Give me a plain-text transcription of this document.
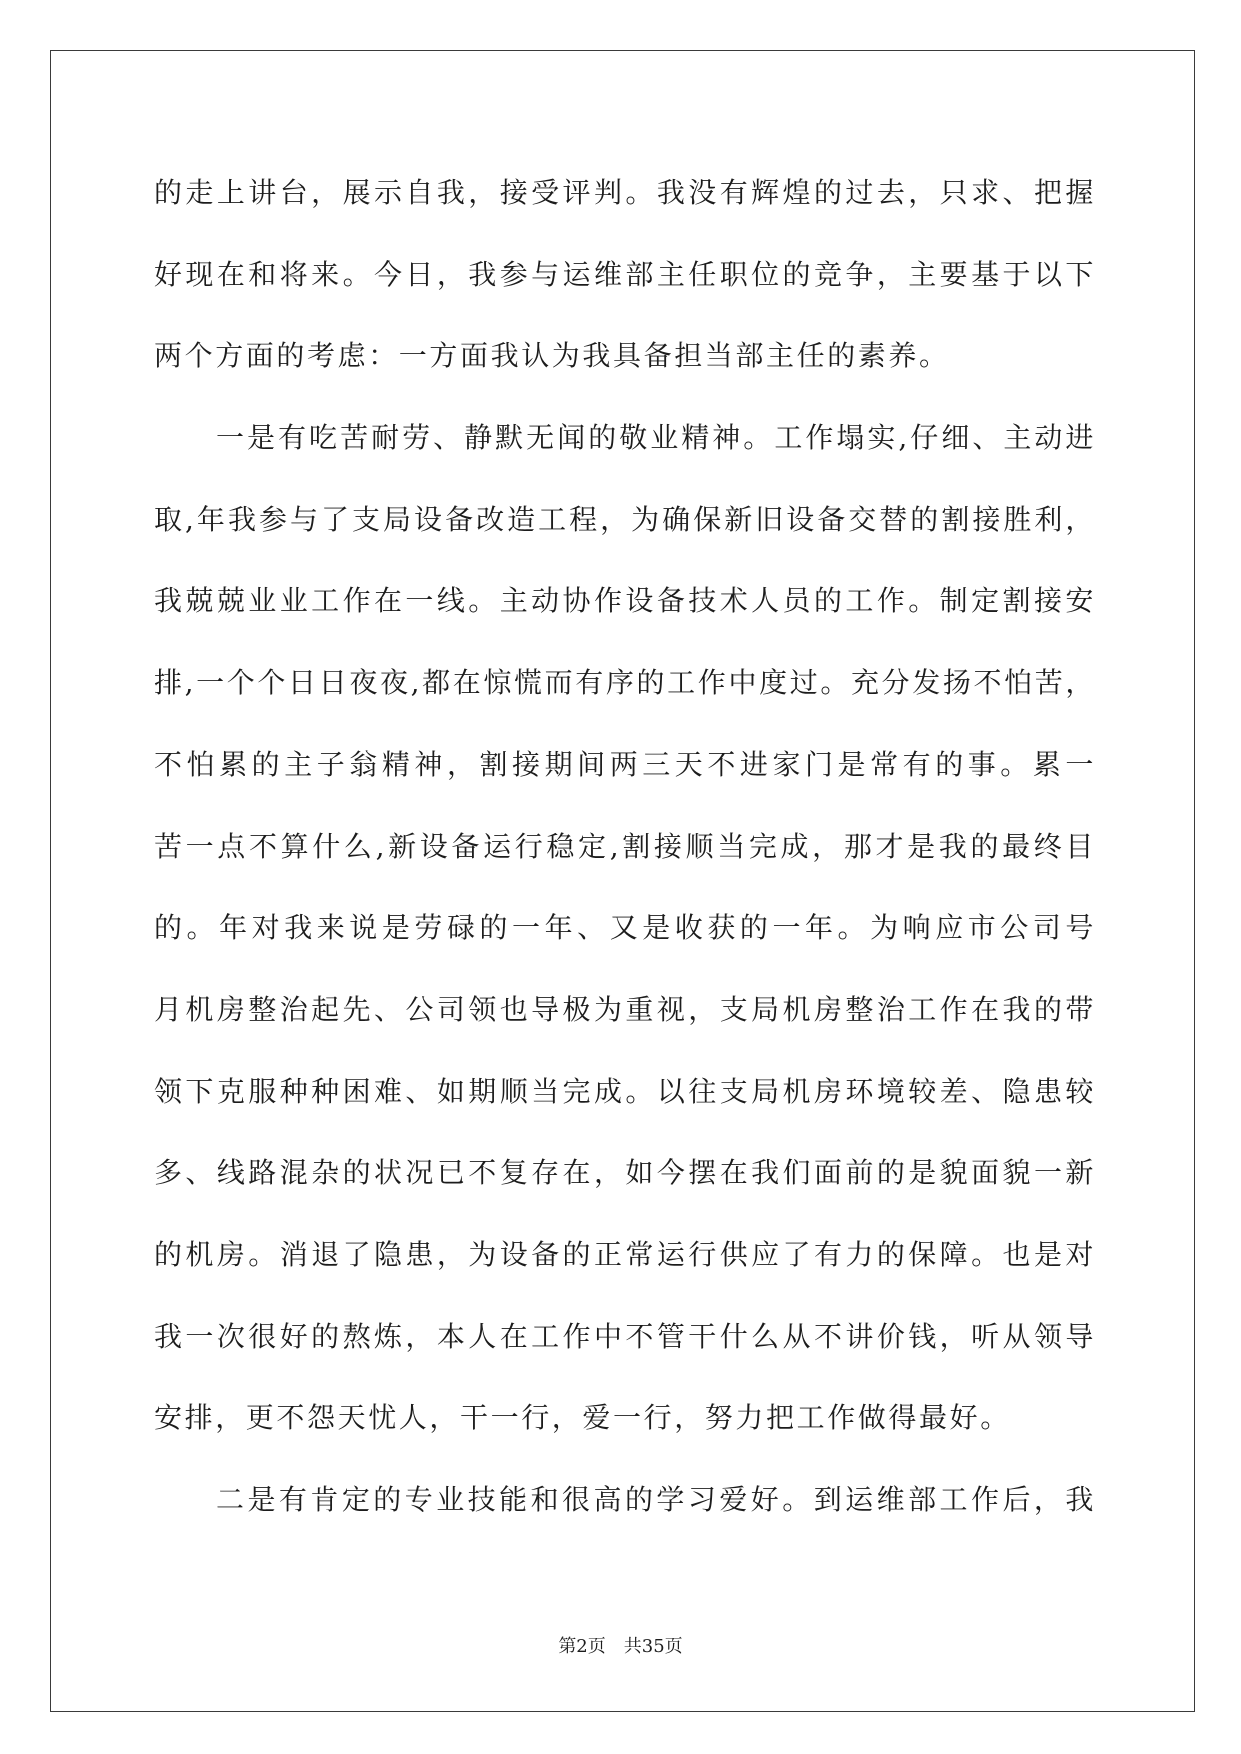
的走上讲台，展示自我，接受评判。我没有辉煌的过去，只求、把握
好现在和将来。今日，我参与运维部主任职位的竞争，主要基于以下
两个方面的考虑：一方面我认为我具备担当部主任的素养。
一是有吃苦耐劳、静默无闻的敬业精神。工作塌实,仔细、主动进
取,年我参与了支局设备改造工程，为确保新旧设备交替的割接胜利，
我兢兢业业工作在一线。主动协作设备技术人员的工作。制定割接安
排,一个个日日夜夜,都在惊慌而有序的工作中度过。充分发扬不怕苦，
不怕累的主子翁精神，割接期间两三天不进家门是常有的事。累一
苦一点不算什么,新设备运行稳定,割接顺当完成，那才是我的最终目
的。年对我来说是劳碌的一年、又是收获的一年。为响应市公司号
月机房整治起先、公司领也导极为重视，支局机房整治工作在我的带
领下克服种种困难、如期顺当完成。以往支局机房环境较差、隐患较
多、线路混杂的状况已不复存在，如今摆在我们面前的是貌面貌一新
的机房。消退了隐患，为设备的正常运行供应了有力的保障。也是对
我一次很好的熬炼，本人在工作中不管干什么从不讲价钱，听从领导
安排，更不怨天忧人，干一行，爱一行，努力把工作做得最好。
二是有肯定的专业技能和很高的学习爱好。到运维部工作后，我
第2页 共35页
